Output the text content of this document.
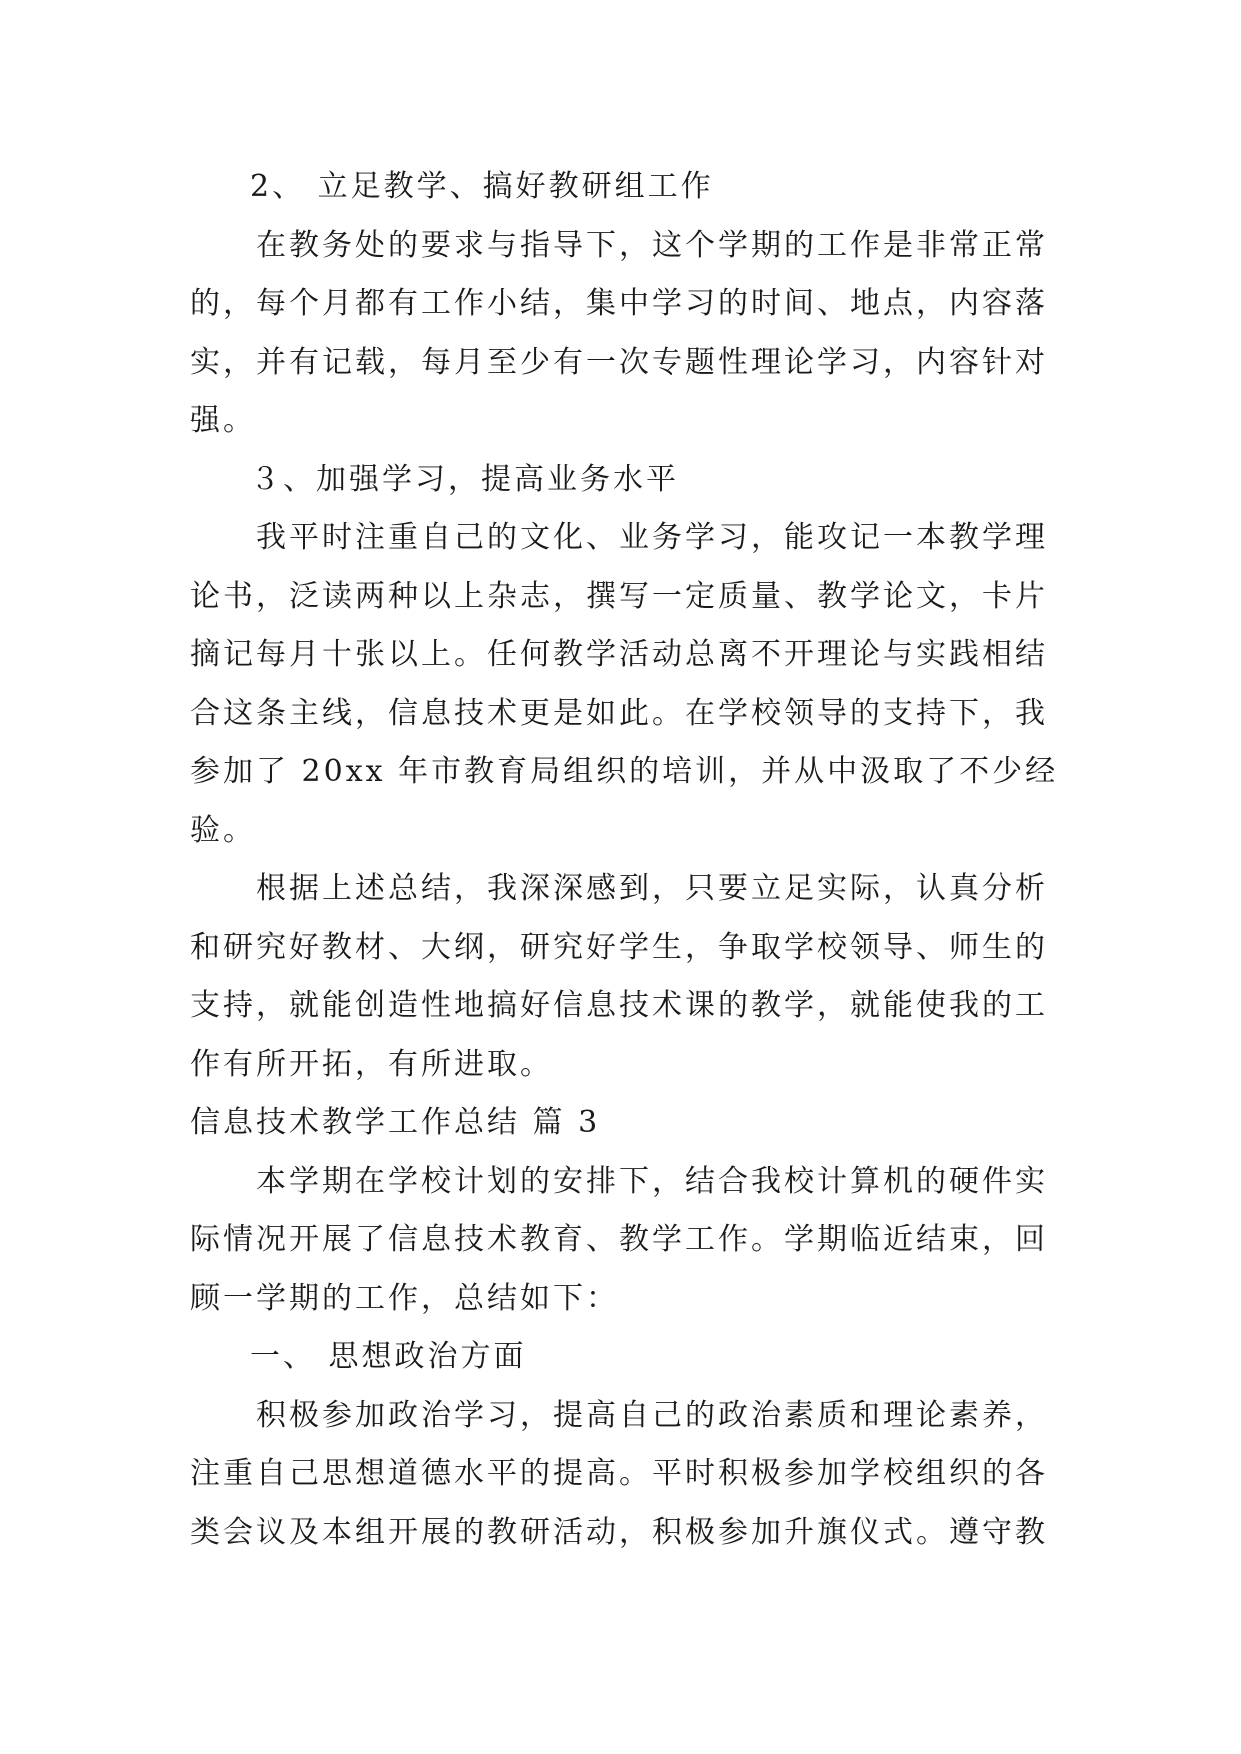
2、 立足教学、搞好教研组工作
在教务处的要求与指导下，这个学期的工作是非常正常
的，每个月都有工作小结，集中学习的时间、地点，内容落
实，并有记载，每月至少有一次专题性理论学习，内容针对
强。
３、加强学习，提高业务水平
我平时注重自己的文化、业务学习，能攻记一本教学理
论书，泛读两种以上杂志，撰写一定质量、教学论文，卡片
摘记每月十张以上。任何教学活动总离不开理论与实践相结
合这条主线，信息技术更是如此。在学校领导的支持下，我
参加了 20xx 年市教育局组织的培训，并从中汲取了不少经
验。
根据上述总结，我深深感到，只要立足实际，认真分析
和研究好教材、大纲，研究好学生，争取学校领导、师生的
支持，就能创造性地搞好信息技术课的教学，就能使我的工
作有所开拓，有所进取。
信息技术教学工作总结 篇 3
本学期在学校计划的安排下，结合我校计算机的硬件实
际情况开展了信息技术教育、教学工作。学期临近结束，回
顾一学期的工作，总结如下：
一、 思想政治方面
积极参加政治学习，提高自己的政治素质和理论素养，
注重自己思想道德水平的提高。平时积极参加学校组织的各
类会议及本组开展的教研活动，积极参加升旗仪式。遵守教
